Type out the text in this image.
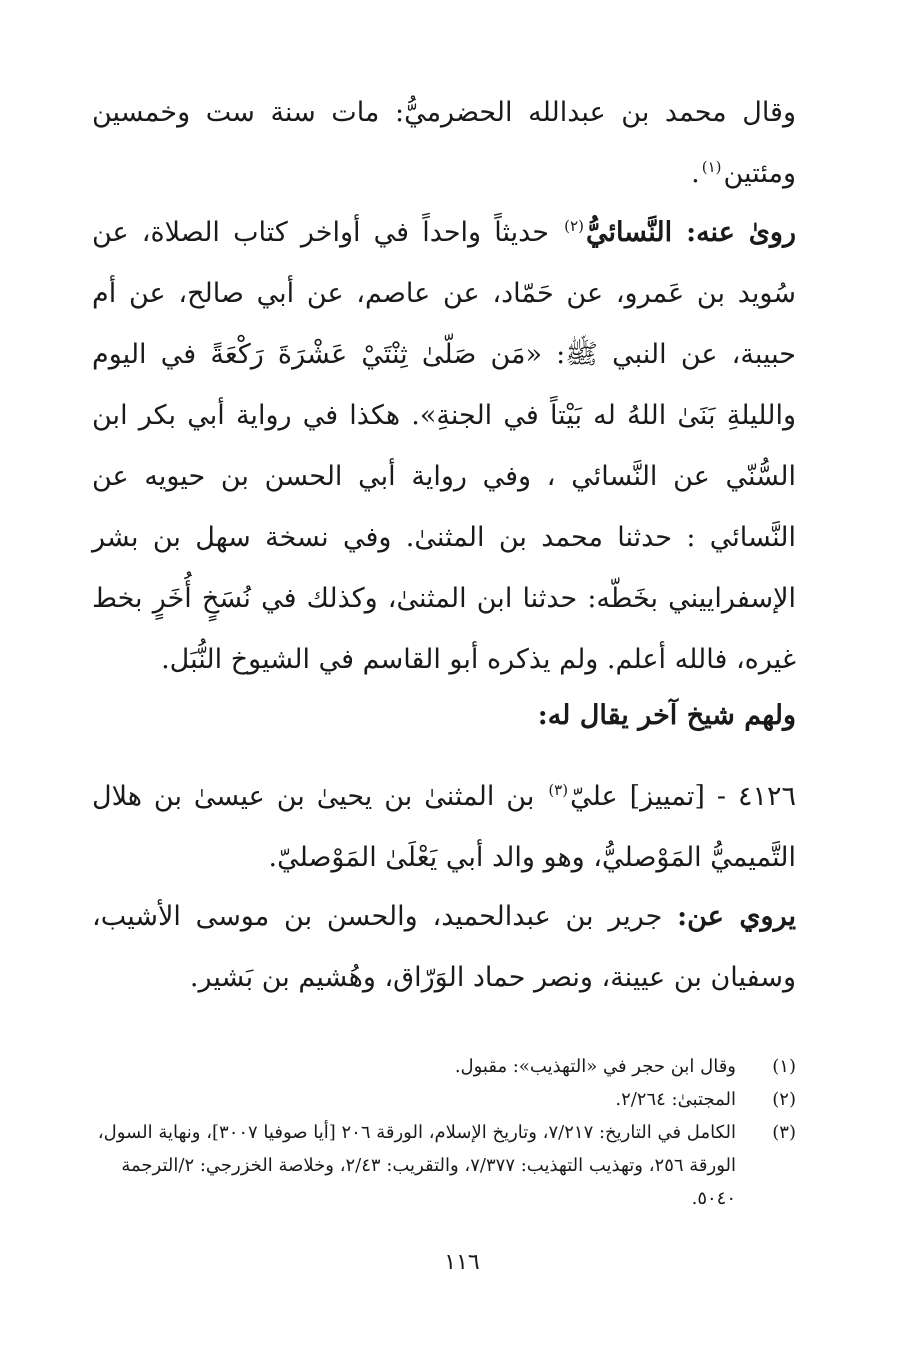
وقال محمد بن عبدالله الحضرميُّ: مات سنة ست وخمسين ومئتين$^{(١)}$.
روىٰ عنه: النَّسائيُّ$^{(٢)}$ حديثاً واحداً في أواخر كتاب الصلاة، عن سُويد بن عَمرو، عن حَمّاد، عن عاصم، عن أبي صالح، عن أم حبيبة، عن النبي ﷺ: «مَن صَلّىٰ ثِنْتَيْ عَشْرَةَ رَكْعَةً في اليوم والليلةِ بَنَىٰ اللهُ له بَيْتاً في الجنةِ». هكذا في رواية أبي بكر ابن السُّنّي عن النَّسائي ، وفي رواية أبي الحسن بن حيويه عن النَّسائي : حدثنا محمد بن المثنىٰ. وفي نسخة سهل بن بشر الإسفراييني بخَطّه: حدثنا ابن المثنىٰ، وكذلك في نُسَخٍ أُخَرٍ بخط غيره، فالله أعلم. ولم يذكره أبو القاسم في الشيوخ النُّبَل.
ولهم شيخ آخر يقال له:
٤١٢٦ - [تمييز] عليّ$^{(٣)}$ بن المثنىٰ بن يحيىٰ بن عيسىٰ بن هلال التَّميميُّ المَوْصليُّ، وهو والد أبي يَعْلَىٰ المَوْصليّ.
يروي عن: جرير بن عبدالحميد، والحسن بن موسى الأشيب، وسفيان بن عيينة، ونصر حماد الوَرّاق، وهُشيم بن بَشير.
(١)
وقال ابن حجر في «التهذيب»: مقبول.
(٢)
المجتبىٰ: ٢/٢٦٤.
(٣)
الكامل في التاريخ: ٧/٢١٧، وتاريخ الإسلام، الورقة ٢٠٦ [أيا صوفيا ٣٠٠٧]، ونهاية السول، الورقة ٢٥٦، وتهذيب التهذيب: ٧/٣٧٧، والتقريب: ٢/٤٣، وخلاصة الخزرجي: ٢/الترجمة ٥٠٤٠.
١١٦
